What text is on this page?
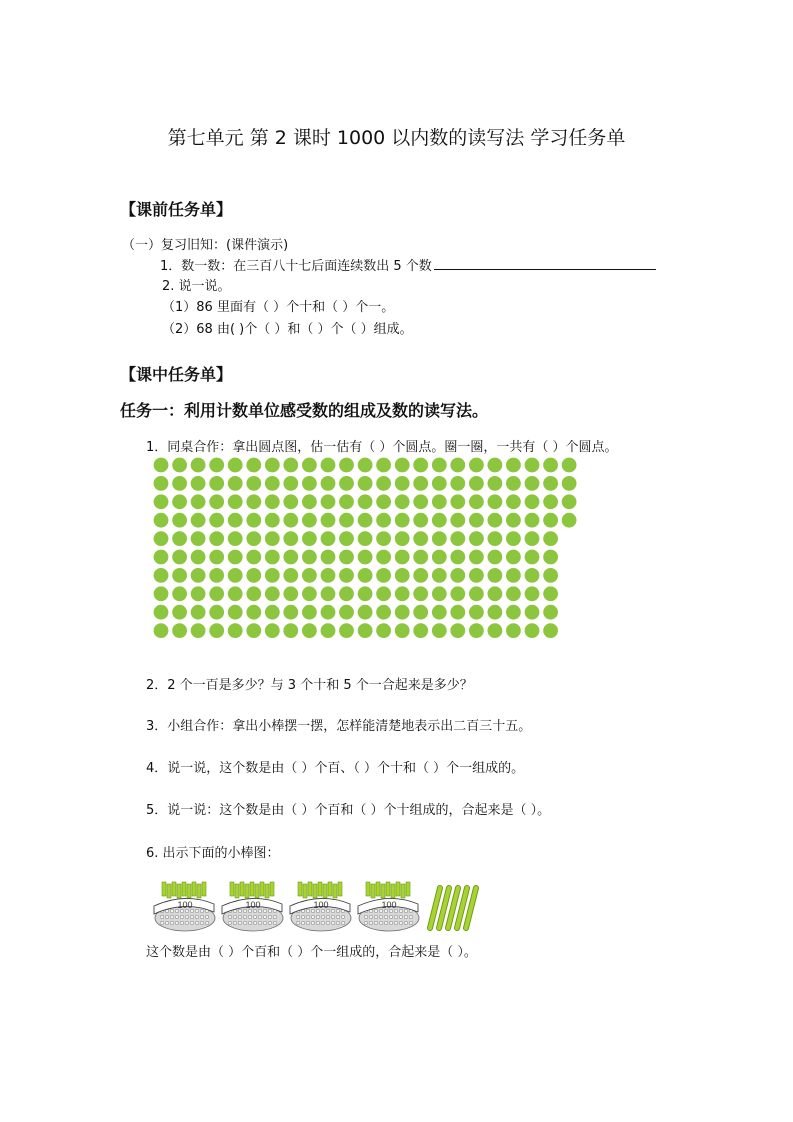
第七单元 第 2 课时 1000 以内数的读写法 学习任务单
【课前任务单】
（一）复习旧知：(课件演示)
1．数一数：在三百八十七后面连续数出 5 个数
2. 说一说。
（1）86 里面有（ ）个十和（ ）个一。
（2）68 由( )个（ ）和（ ）个（ ）组成。
【课中任务单】
任务一：利用计数单位感受数的组成及数的读写法。
1．同桌合作：拿出圆点图，估一估有（ ）个圆点。圈一圈，一共有（ ）个圆点。
2．2 个一百是多少？与 3 个十和 5 个一合起来是多少？
3．小组合作：拿出小棒摆一摆，怎样能清楚地表示出二百三十五。
4．说一说，这个数是由（ ）个百、（ ）个十和（ ）个一组成的。
5．说一说：这个数是由（ ）个百和（ ）个十组成的，合起来是（ ）。
6. 出示下面的小棒图：
100	100	100	100
这个数是由（ ）个百和（ ）个一组成的，合起来是（ ）。
